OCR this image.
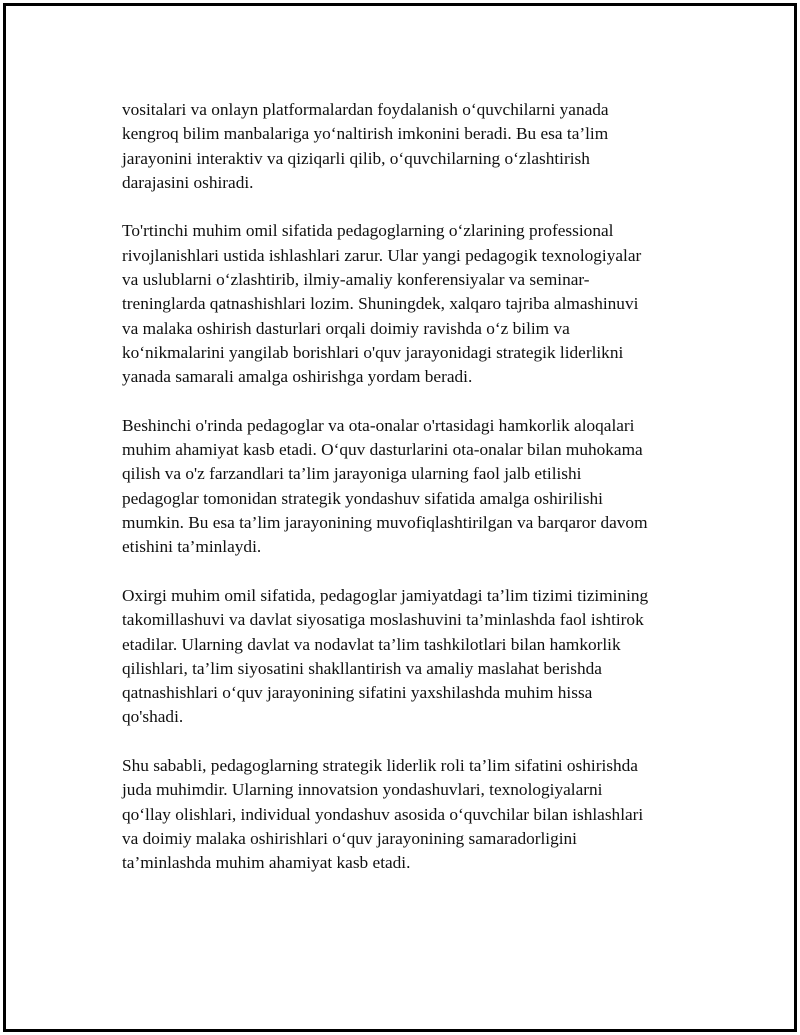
vositalari va onlayn platformalardan foydalanish o‘quvchilarni yanada
kengroq bilim manbalariga yo‘naltirish imkonini beradi. Bu esa ta’lim
jarayonini interaktiv va qiziqarli qilib, o‘quvchilarning o‘zlashtirish
darajasini oshiradi.

To'rtinchi muhim omil sifatida pedagoglarning o‘zlarining professional
rivojlanishlari ustida ishlashlari zarur. Ular yangi pedagogik texnologiyalar
va uslublarni o‘zlashtirib, ilmiy-amaliy konferensiyalar va seminar-
treninglarda qatnashishlari lozim. Shuningdek, xalqaro tajriba almashinuvi
va malaka oshirish dasturlari orqali doimiy ravishda o‘z bilim va
ko‘nikmalarini yangilab borishlari o'quv jarayonidagi strategik liderlikni
yanada samarali amalga oshirishga yordam beradi.

Beshinchi o'rinda pedagoglar va ota-onalar o'rtasidagi hamkorlik aloqalari
muhim ahamiyat kasb etadi. O‘quv dasturlarini ota-onalar bilan muhokama
qilish va o'z farzandlari ta’lim jarayoniga ularning faol jalb etilishi
pedagoglar tomonidan strategik yondashuv sifatida amalga oshirilishi
mumkin. Bu esa ta’lim jarayonining muvofiqlashtirilgan va barqaror davom
etishini ta’minlaydi.

Oxirgi muhim omil sifatida, pedagoglar jamiyatdagi ta’lim tizimi tizimining
takomillashuvi va davlat siyosatiga moslashuvini ta’minlashda faol ishtirok
etadilar. Ularning davlat va nodavlat ta’lim tashkilotlari bilan hamkorlik
qilishlari, ta’lim siyosatini shakllantirish va amaliy maslahat berishda
qatnashishlari o‘quv jarayonining sifatini yaxshilashda muhim hissa
qo'shadi.

Shu sababli, pedagoglarning strategik liderlik roli ta’lim sifatini oshirishda
juda muhimdir. Ularning innovatsion yondashuvlari, texnologiyalarni
qo‘llay olishlari, individual yondashuv asosida o‘quvchilar bilan ishlashlari
va doimiy malaka oshirishlari o‘quv jarayonining samaradorligini
ta’minlashda muhim ahamiyat kasb etadi.
